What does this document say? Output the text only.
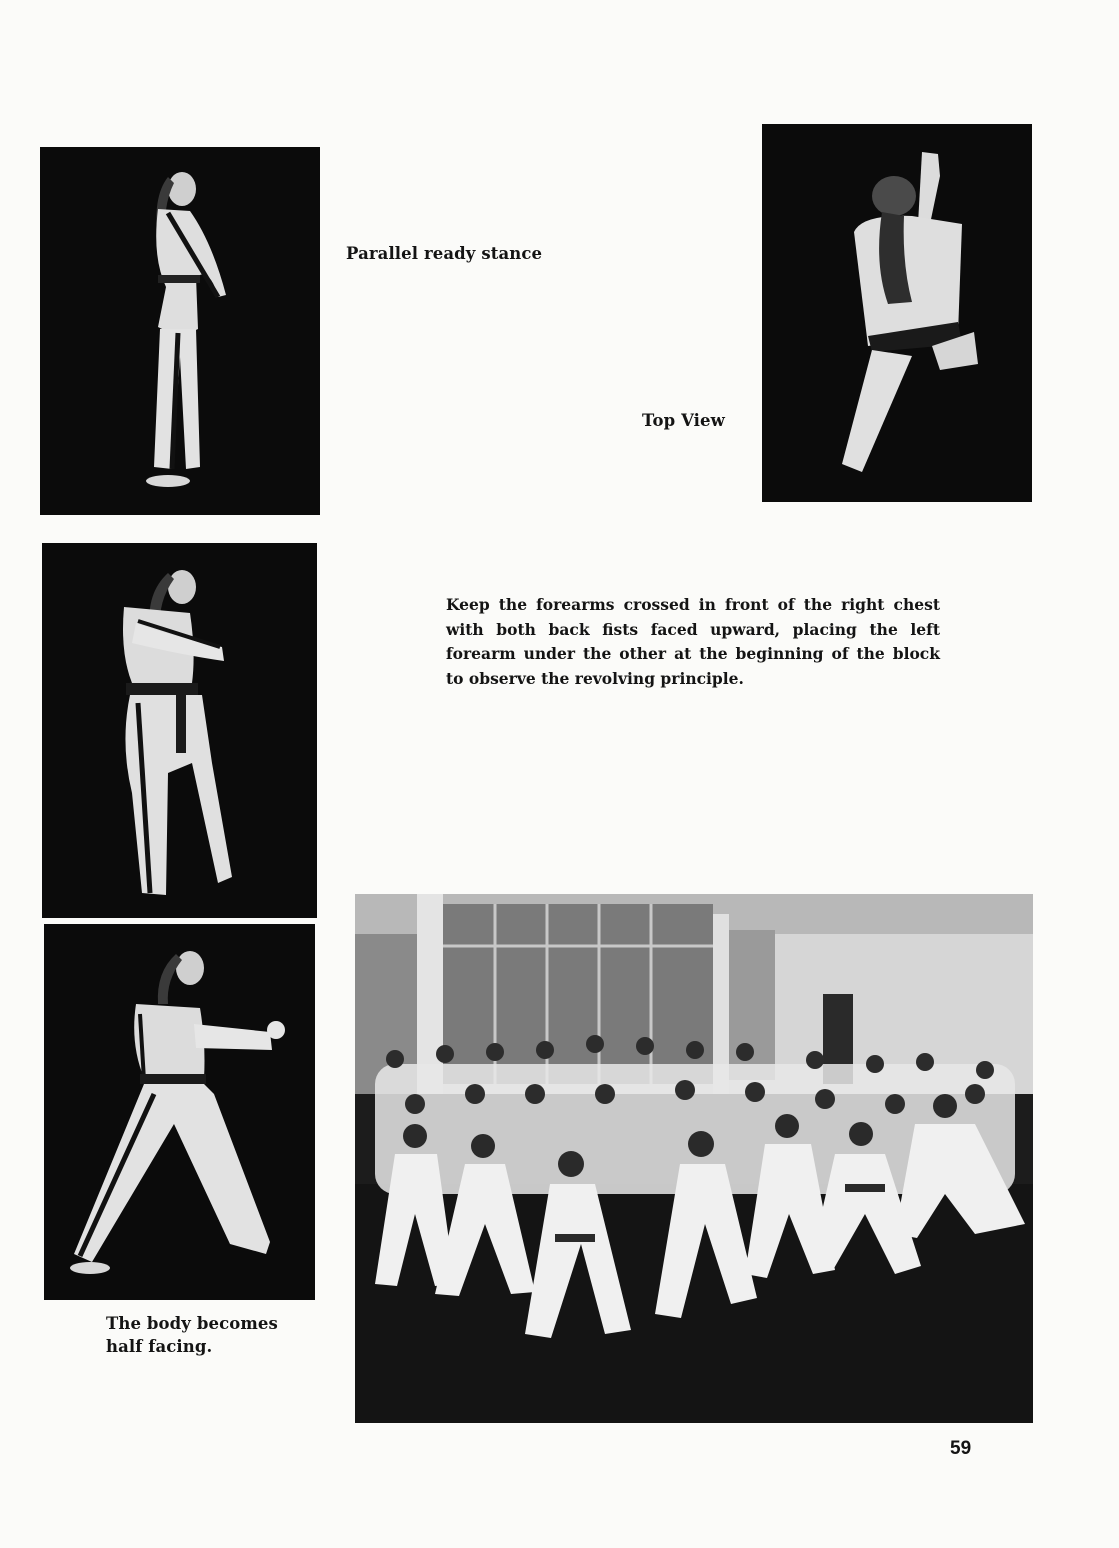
Parallel ready stance
Top View
The body becomes
half facing.
Keep the forearms crossed in front of the right chest
with both back fists faced upward, placing the left
forearm under the other at the beginning of the block
to observe the revolving principle.
59
